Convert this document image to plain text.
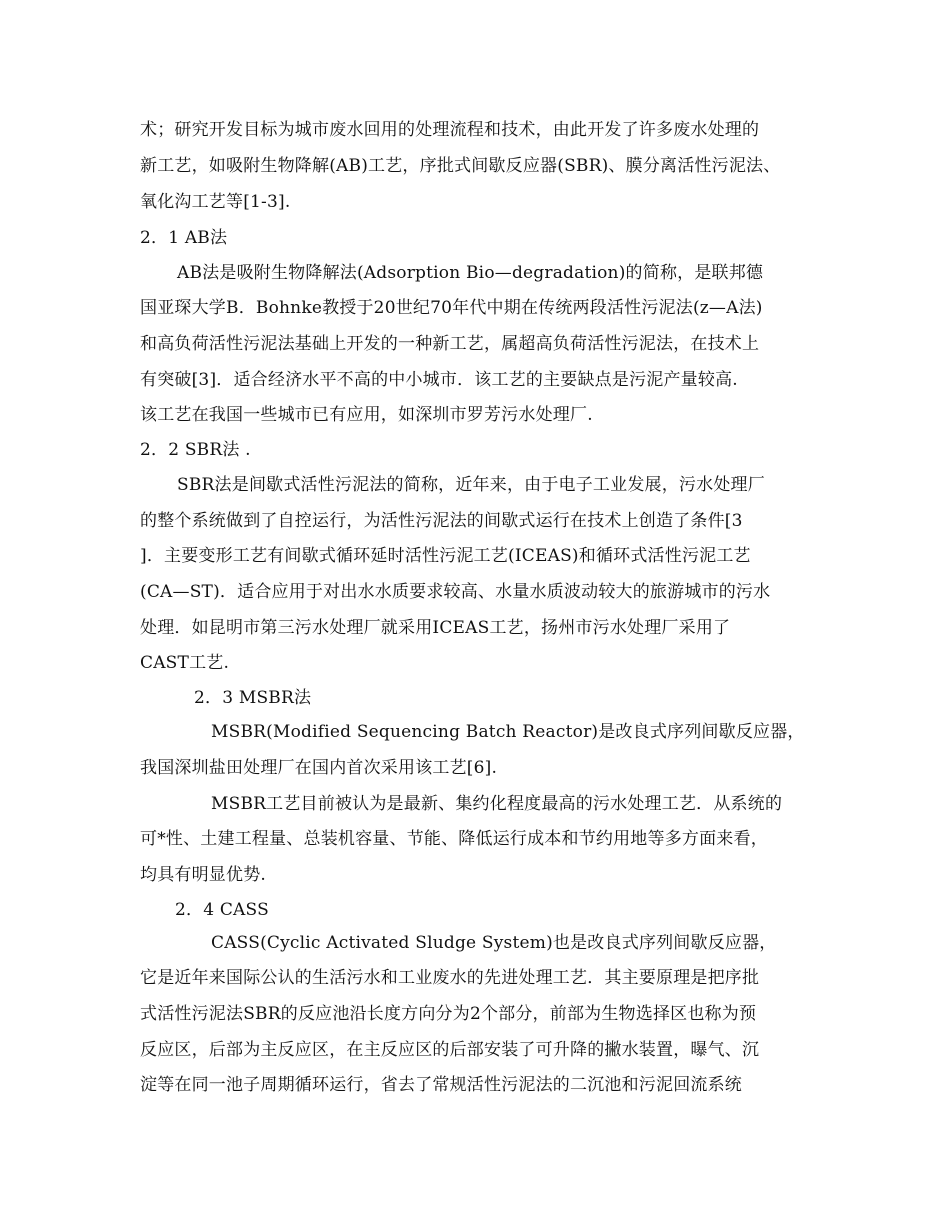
术；研究开发目标为城市废水回用的处理流程和技术，由此开发了许多废水处理的
新工艺，如吸附生物降解(AB)工艺，序批式间歇反应器(SBR)、膜分离活性污泥法、
氧化沟工艺等[1-3].
2．1 AB法
AB法是吸附生物降解法(Adsorption Bio—degradation)的简称，是联邦德
国亚琛大学B．Bohnke教授于20世纪70年代中期在传统两段活性污泥法(z—A法)
和高负荷活性污泥法基础上开发的一种新工艺，属超高负荷活性污泥法，在技术上
有突破[3]．适合经济水平不高的中小城市．该工艺的主要缺点是污泥产量较高.
该工艺在我国一些城市已有应用，如深圳市罗芳污水处理厂.
2．2 SBR法 .
SBR法是间歇式活性污泥法的简称，近年来，由于电子工业发展，污水处理厂
的整个系统做到了自控运行，为活性污泥法的间歇式运行在技术上创造了条件[3
]．主要变形工艺有间歇式循环延时活性污泥工艺(ICEAS)和循环式活性污泥工艺
(CA—ST)．适合应用于对出水水质要求较高、水量水质波动较大的旅游城市的污水
处理．如昆明市第三污水处理厂就采用ICEAS工艺，扬州市污水处理厂采用了
CAST工艺.
2．3 MSBR法
MSBR(Modified Sequencing Batch Reactor)是改良式序列间歇反应器，
我国深圳盐田处理厂在国内首次采用该工艺[6].
MSBR工艺目前被认为是最新、集约化程度最高的污水处理工艺．从系统的
可*性、土建工程量、总装机容量、节能、降低运行成本和节约用地等多方面来看，
均具有明显优势.
2．4 CASS
CASS(Cyclic Activated Sludge System)也是改良式序列间歇反应器，
它是近年来国际公认的生活污水和工业废水的先进处理工艺．其主要原理是把序批
式活性污泥法SBR的反应池沿长度方向分为2个部分，前部为生物选择区也称为预
反应区，后部为主反应区，在主反应区的后部安装了可升降的撇水装置，曝气、沉
淀等在同一池子周期循环运行，省去了常规活性污泥法的二沉池和污泥回流系统
